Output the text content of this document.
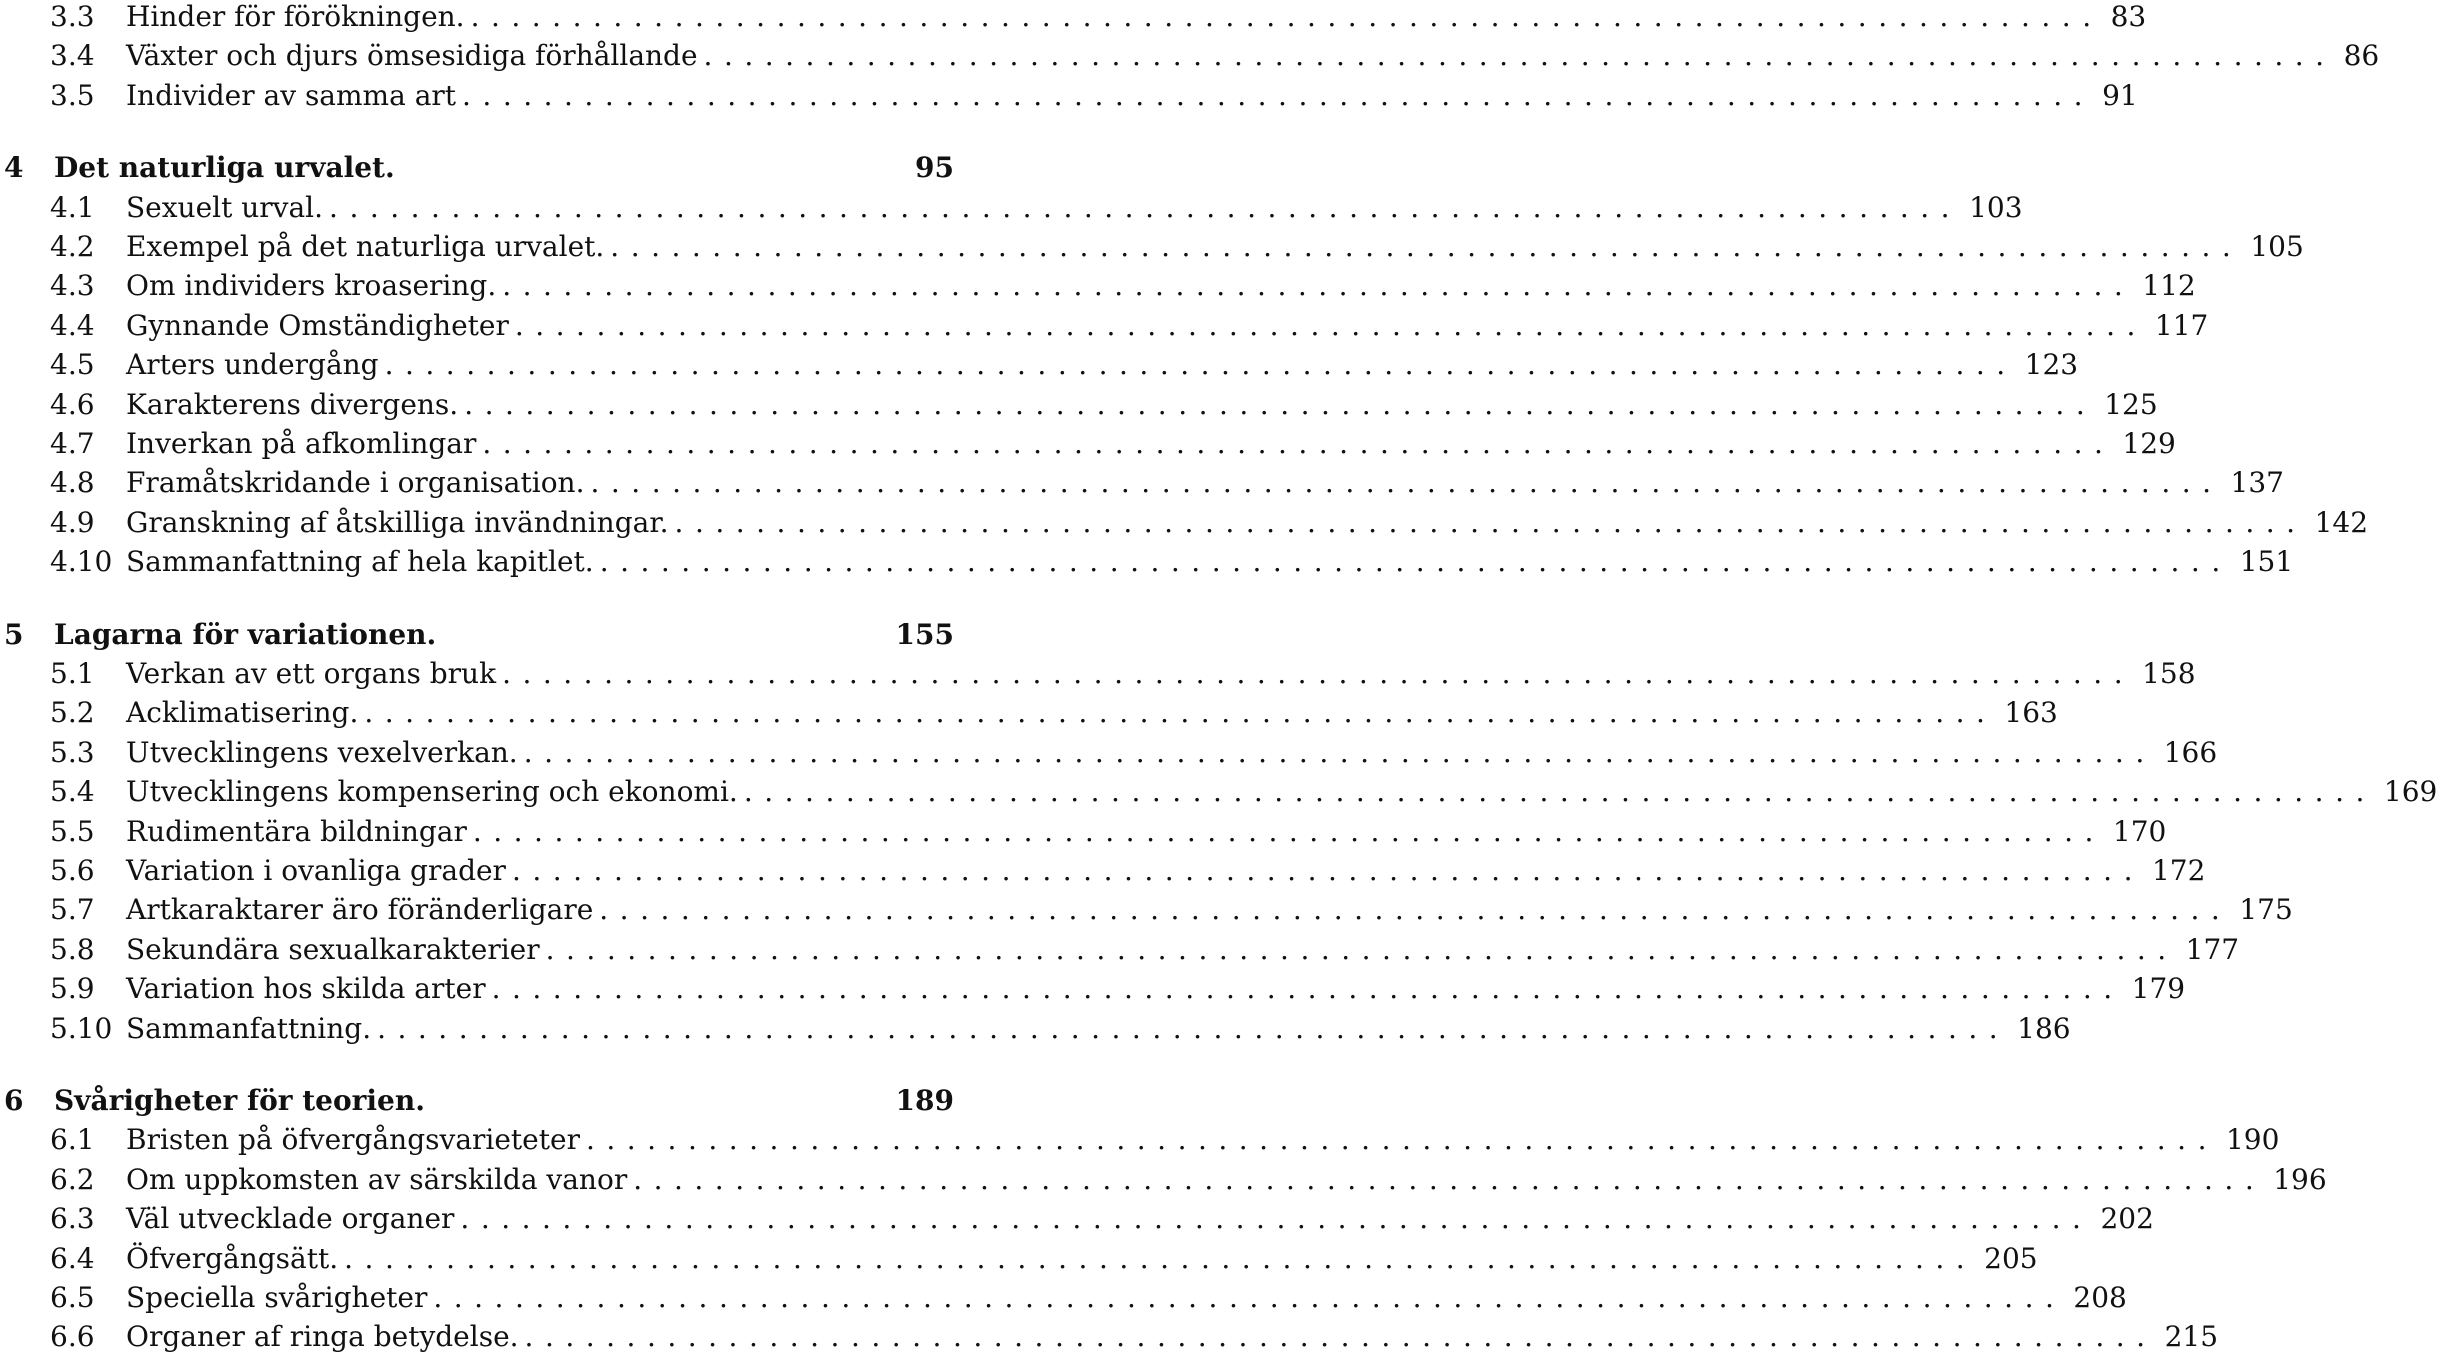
3.3	Hinder för förökningen. ................................................................................ 83
3.4	Växter och djurs ömsesidiga förhållande ................................................................................ 86
3.5	Individer av samma art ................................................................................ 91
4	Det naturliga urvalet.	95
4.1	Sexuelt urval. ................................................................................ 103
4.2	Exempel på det naturliga urvalet. ................................................................................ 105
4.3	Om individers kroasering. ................................................................................ 112
4.4	Gynnande Omständigheter ................................................................................ 117
4.5	Arters undergång ................................................................................ 123
4.6	Karakterens divergens. ................................................................................ 125
4.7	Inverkan på afkomlingar ................................................................................ 129
4.8	Framåtskridande i organisation. ................................................................................ 137
4.9	Granskning af åtskilliga invändningar. ................................................................................ 142
4.10 Sammanfattning af hela kapitlet. ................................................................................ 151
5	Lagarna för variationen.	155
5.1	Verkan av ett organs bruk ................................................................................ 158
5.2	Acklimatisering. ................................................................................ 163
5.3	Utvecklingens vexelverkan. ................................................................................ 166
5.4	Utvecklingens kompensering och ekonomi. ................................................................................ 169
5.5	Rudimentära bildningar ................................................................................ 170
5.6	Variation i ovanliga grader ................................................................................ 172
5.7	Artkaraktarer äro föränderligare ................................................................................ 175
5.8	Sekundära sexualkarakterier ................................................................................ 177
5.9	Variation hos skilda arter ................................................................................ 179
5.10 Sammanfattning. ................................................................................ 186
6	Svårigheter för teorien.	189
6.1	Bristen på öfvergångsvarieteter ................................................................................ 190
6.2	Om uppkomsten av särskilda vanor ................................................................................ 196
6.3	Väl utvecklade organer ................................................................................ 202
6.4	Öfvergångsätt. ................................................................................ 205
6.5	Speciella svårigheter ................................................................................ 208
6.6	Organer af ringa betydelse. ................................................................................ 215
